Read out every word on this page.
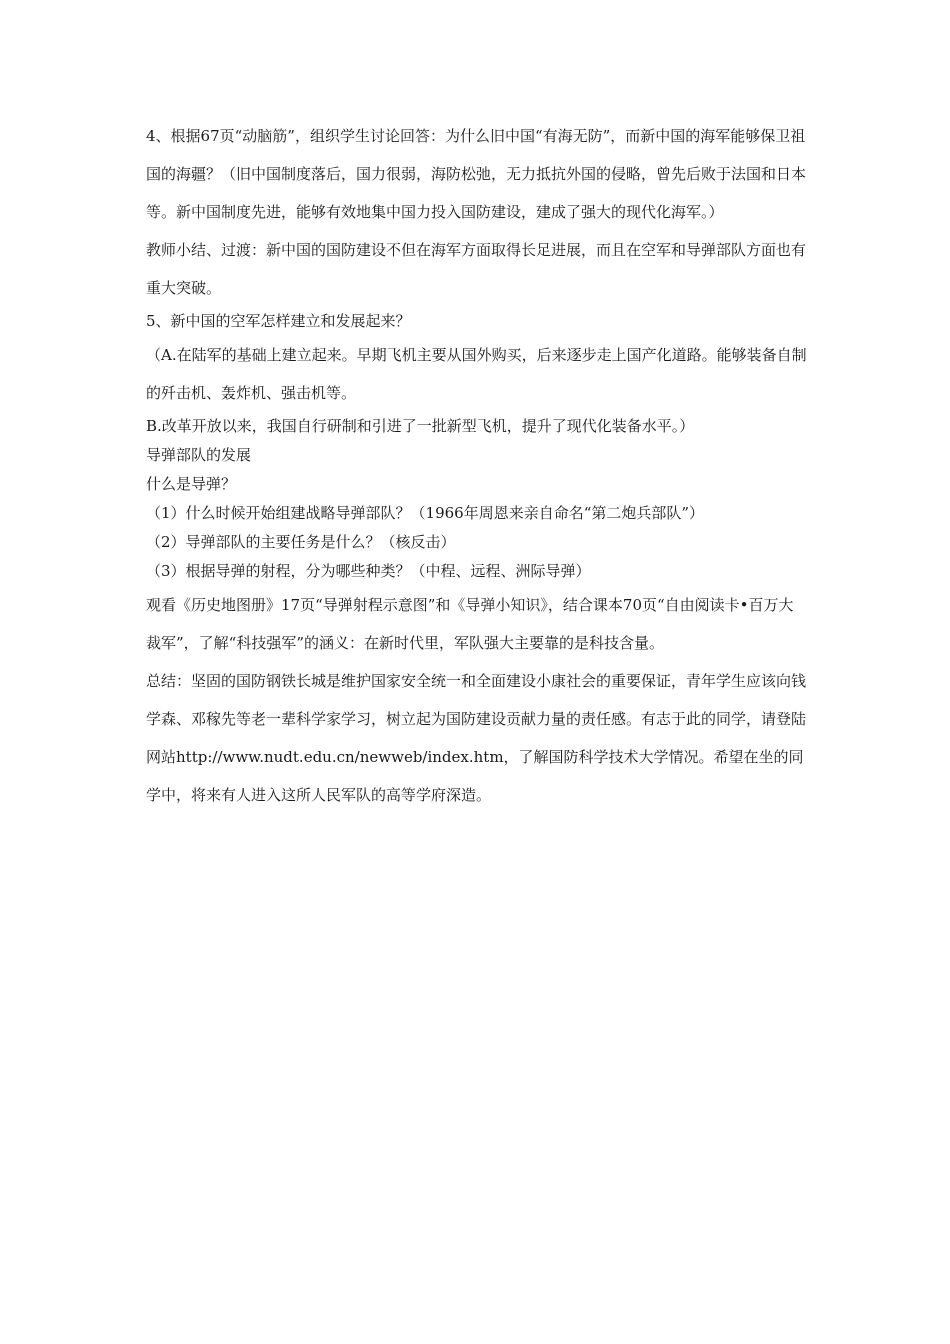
4、根据67页“动脑筋”，组织学生讨论回答：为什么旧中国“有海无防”，而新中国的海军能够保卫祖国的海疆？（旧中国制度落后，国力很弱，海防松弛，无力抵抗外国的侵略，曾先后败于法国和日本等。新中国制度先进，能够有效地集中国力投入国防建设，建成了强大的现代化海军。）

教师小结、过渡：新中国的国防建设不但在海军方面取得长足进展，而且在空军和导弹部队方面也有重大突破。

5、新中国的空军怎样建立和发展起来？

（A.在陆军的基础上建立起来。早期飞机主要从国外购买，后来逐步走上国产化道路。能够装备自制的歼击机、轰炸机、强击机等。

B.改革开放以来，我国自行研制和引进了一批新型飞机，提升了现代化装备水平。）

导弹部队的发展

什么是导弹？

（1）什么时候开始组建战略导弹部队？（1966年周恩来亲自命名“第二炮兵部队”）

（2）导弹部队的主要任务是什么？（核反击）

（3）根据导弹的射程，分为哪些种类？（中程、远程、洲际导弹）

观看《历史地图册》17页“导弹射程示意图”和《导弹小知识》，结合课本70页“自由阅读卡•百万大裁军”，了解“科技强军”的涵义：在新时代里，军队强大主要靠的是科技含量。

总结：坚固的国防钢铁长城是维护国家安全统一和全面建设小康社会的重要保证，青年学生应该向钱学森、邓稼先等老一辈科学家学习，树立起为国防建设贡献力量的责任感。有志于此的同学，请登陆网站http://www.nudt.edu.cn/newweb/index.htm，了解国防科学技术大学情况。希望在坐的同学中，将来有人进入这所人民军队的高等学府深造。
